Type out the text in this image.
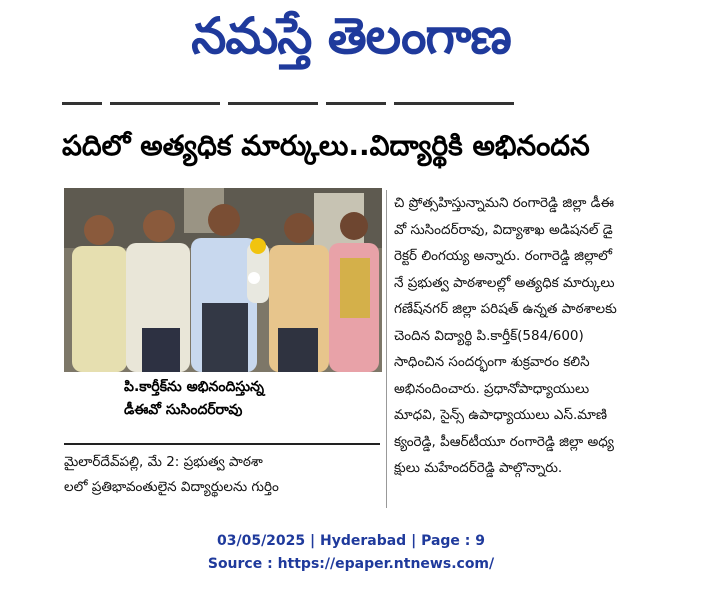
నమస్తే తెలంగాణ
పదిలో అత్యధిక మార్కులు..విద్యార్థికి అభినందన
పి.కార్తీక్‌ను అభినందిస్తున్న
డీఈవో సుసిందర్‌రావు
మైలార్‌దేవ్‌పల్లి, మే 2: ప్రభుత్వ పాఠశా
లలో ప్రతిభావంతులైన విద్యార్థులను గుర్తిం
చి ప్రోత్సహిస్తున్నామని రంగారెడ్డి జిల్లా డీఈ
వో సుసిందర్‌రావు, విద్యాశాఖ అడిషనల్ డై
రెక్టర్ లింగయ్య అన్నారు. రంగారెడ్డి జిల్లాలో
నే ప్రభుత్వ పాఠశాలల్లో అత్యధిక మార్కులు
గణేష్‌నగర్ జిల్లా పరిషత్ ఉన్నత పాఠశాలకు
చెందిన విద్యార్థి పి.కార్తీక్(584/600)
సాధించిన సందర్భంగా శుక్రవారం కలిసి
అభినందించారు. ప్రధానోపాధ్యాయులు
మాధవి, సైన్స్ ఉపాధ్యాయులు ఎస్.మాణి
క్యంరెడ్డి, పీఆర్‌టీయూ రంగారెడ్డి జిల్లా అధ్య
క్షులు మహేందర్‌రెడ్డి పాల్గొన్నారు.
03/05/2025 | Hyderabad | Page : 9
Source : https://epaper.ntnews.com/
